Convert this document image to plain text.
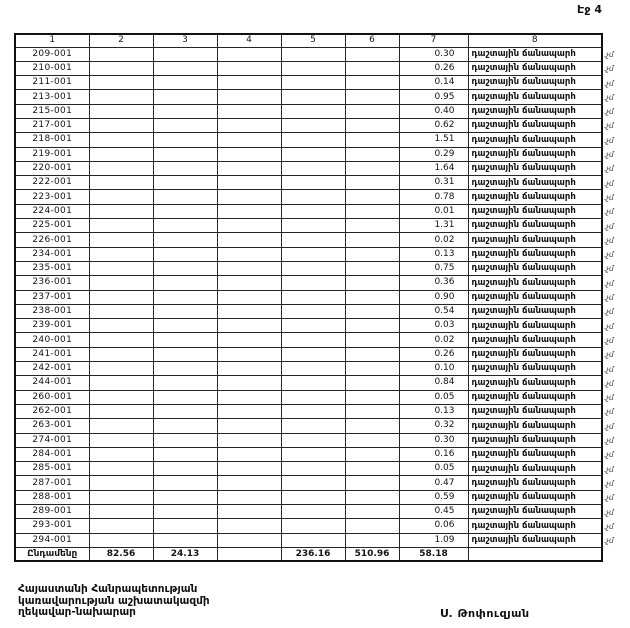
Էջ 4
1	2	3	4	5	6	7	8
209-001						0.30	դաշտային ճանապարհ
210-001						0.26	դաշտային ճանապարհ
211-001						0.14	դաշտային ճանապարհ
213-001						0.95	դաշտային ճանապարհ
215-001						0.40	դաշտային ճանապարհ
217-001						0.62	դաշտային ճանապարհ
218-001						1.51	դաշտային ճանապարհ
219-001						0.29	դաշտային ճանապարհ
220-001						1.64	դաշտային ճանապարհ
222-001						0.31	դաշտային ճանապարհ
223-001						0.78	դաշտային ճանապարհ
224-001						0.01	դաշտային ճանապարհ
225-001						1.31	դաշտային ճանապարհ
226-001						0.02	դաշտային ճանապարհ
234-001						0.13	դաշտային ճանապարհ
235-001						0.75	դաշտային ճանապարհ
236-001						0.36	դաշտային ճանապարհ
237-001						0.90	դաշտային ճանապարհ
238-001						0.54	դաշտային ճանապարհ
239-001						0.03	դաշտային ճանապարհ
240-001						0.02	դաշտային ճանապարհ
241-001						0.26	դաշտային ճանապարհ
242-001						0.10	դաշտային ճանապարհ
244-001						0.84	դաշտային ճանապարհ
260-001						0.05	դաշտային ճանապարհ
262-001						0.13	դաշտային ճանապարհ
263-001						0.32	դաշտային ճանապարհ
274-001						0.30	դաշտային ճանապարհ
284-001						0.16	դաշտային ճանապարհ
285-001						0.05	դաշտային ճանապարհ
287-001						0.47	դաշտային ճանապարհ
288-001						0.59	դաշտային ճանապարհ
289-001						0.45	դաշտային ճանապարհ
293-001						0.06	դաշտային ճանապարհ
294-001						1.09	դաշտային ճանապարհ
Ընդամենը	82.56	24.13		236.16	510.96	58.18	
.չմ
.չմ
.չմ
.չմ
.չմ
.չմ
.չմ
.չմ
.չմ
.չմ
.չմ
.չմ
.չմ
.չմ
.չմ
.չմ
.չմ
.չմ
.չմ
.չմ
.չմ
.չմ
.չմ
.չմ
.չմ
.չմ
.չմ
.չմ
.չմ
.չմ
.չմ
.չմ
.չմ
.չմ
.չմ
Հայաստանի Հանրապետության
կառավարության աշխատակազմի
ղեկավար-նախարար	Ս. Թոփուզյան
